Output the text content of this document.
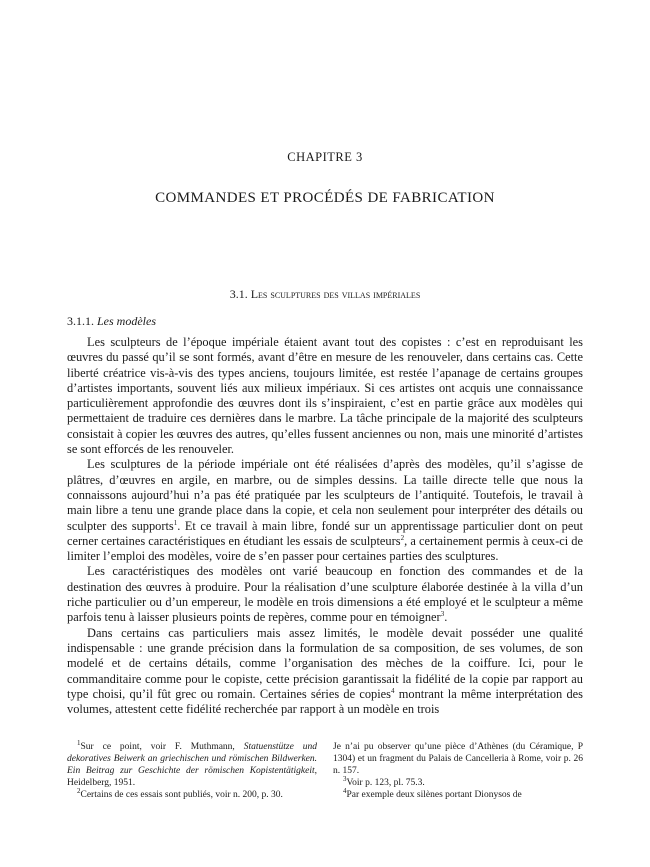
CHAPITRE 3
COMMANDES ET PROCÉDÉS DE FABRICATION
3.1. Les sculptures des villas impériales
3.1.1. Les modèles

Les sculpteurs de l’époque impériale étaient avant tout des copistes : c’est en reproduisant les œuvres du passé qu’il se sont formés, avant d’être en mesure de les renouveler, dans certains cas. Cette liberté créatrice vis-à-vis des types anciens, toujours limitée, est restée l’apanage de certains groupes d’artistes importants, souvent liés aux milieux impériaux. Si ces artistes ont acquis une connaissance particulièrement approfondie des œuvres dont ils s’inspiraient, c’est en partie grâce aux modèles qui permettaient de traduire ces dernières dans le marbre. La tâche principale de la majorité des sculpteurs consistait à copier les œuvres des autres, qu’elles fussent anciennes ou non, mais une minorité d’artistes se sont efforcés de les renouveler.

Les sculptures de la période impériale ont été réalisées d’après des modèles, qu’il s’agisse de plâtres, d’œuvres en argile, en marbre, ou de simples dessins. La taille directe telle que nous la connaissons aujourd’hui n’a pas été pratiquée par les sculpteurs de l’antiquité. Toutefois, le travail à main libre a tenu une grande place dans la copie, et cela non seulement pour interpréter des détails ou sculpter des supports$^1$. Et ce travail à main libre, fondé sur un apprentissage particulier dont on peut cerner certaines caractéristiques en étudiant les essais de sculpteurs$^2$, a certainement permis à ceux-ci de limiter l’emploi des modèles, voire de s’en passer pour certaines parties des sculptures.

Les caractéristiques des modèles ont varié beaucoup en fonction des commandes et de la destination des œuvres à produire. Pour la réalisation d’une sculpture élaborée destinée à la villa d’un riche particulier ou d’un empereur, le modèle en trois dimensions a été employé et le sculpteur a même parfois tenu à laisser plusieurs points de repères, comme pour en témoigner$^3$.

Dans certains cas particuliers mais assez limités, le modèle devait posséder une qualité indispensable : une grande précision dans la formulation de sa composition, de ses volumes, de son modelé et de certains détails, comme l’organisation des mèches de la coiffure. Ici, pour le commanditaire comme pour le copiste, cette précision garantissait la fidélité de la copie par rapport au type choisi, qu’il fût grec ou romain. Certaines séries de copies$^4$ montrant la même interprétation des volumes, attestent cette fidélité recherchée par rapport à un modèle en trois

$^1$Sur ce point, voir F. Muthmann, Statuenstütze und dekoratives Beiwerk an griechischen und römischen Bildwerken. Ein Beitrag zur Geschichte der römischen Kopistentätigkeit, Heidelberg, 1951.

$^2$Certains de ces essais sont publiés, voir n. 200, p. 30.

Je n’ai pu observer qu’une pièce d’Athènes (du Céramique, P 1304) et un fragment du Palais de Cancelleria à Rome, voir p. 26 n. 157.

$^3$Voir p. 123, pl. 75.3.

$^4$Par exemple deux silènes portant Dionysos de
